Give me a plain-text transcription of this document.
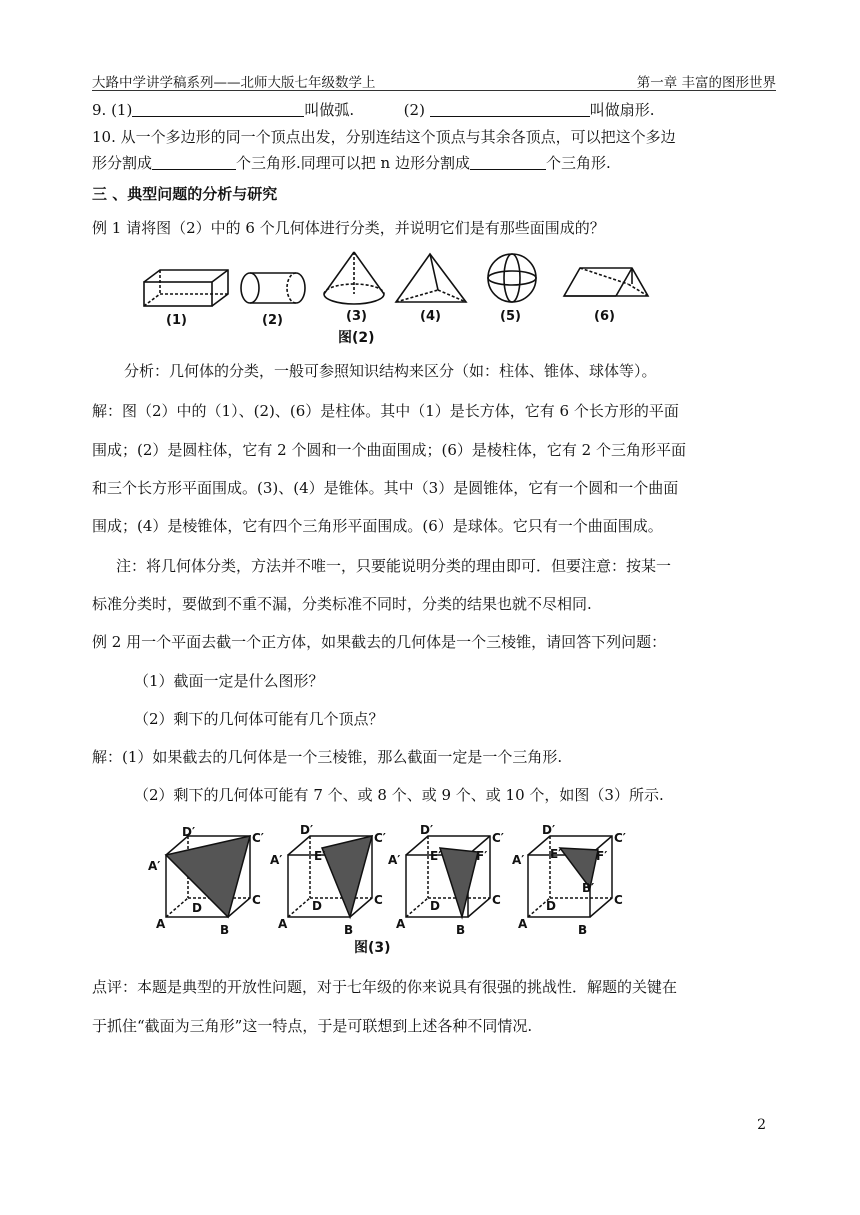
大路中学讲学稿系列——北师大版七年级数学上	第一章 丰富的图形世界
9. (1)	叫做弧.	(2)	叫做扇形.
10. 从一个多边形的同一个顶点出发，分别连结这个顶点与其余各顶点，可以把这个多边
形分割成	个三角形.同理可以把 n 边形分割成	个三角形.
三 、典型问题的分析与研究
例 1 请将图（2）中的 6 个几何体进行分类，并说明它们是有那些面围成的？
(1)	(2)	(3)	(4)	(5)	(6)
图(2)
分析：几何体的分类，一般可参照知识结构来区分（如：柱体、锥体、球体等）。
解：图（2）中的（1）、(2)、(6）是柱体。其中（1）是长方体，它有 6 个长方形的平面
围成；(2）是圆柱体，它有 2 个圆和一个曲面围成；(6）是棱柱体，它有 2 个三角形平面
和三个长方形平面围成。(3)、(4）是锥体。其中（3）是圆锥体，它有一个圆和一个曲面
围成；(4）是棱锥体，它有四个三角形平面围成。(6）是球体。它只有一个曲面围成。
注：将几何体分类，方法并不唯一，只要能说明分类的理由即可．但要注意：按某一
标准分类时，要做到不重不漏，分类标准不同时，分类的结果也就不尽相同.
例 2 用一个平面去截一个正方体，如果截去的几何体是一个三棱锥，请回答下列问题：
（1）截面一定是什么图形？
（2）剩下的几何体可能有几个顶点？
解：(1）如果截去的几何体是一个三棱锥，那么截面一定是一个三角形.
（2）剩下的几何体可能有 7 个、或 8 个、或 9 个、或 10 个，如图（3）所示.
D′	C′
A′
D
C
A	B
D′
C′
A′	E′
D	C
A	B
D′
C′
A′ E′	F′
D	C
A	B
D′
C′
A′ E′	F′
B′
D	C
A	B
图(3)
点评：本题是典型的开放性问题，对于七年级的你来说具有很强的挑战性．解题的关键在
于抓住“截面为三角形”这一特点，于是可联想到上述各种不同情况.
2
